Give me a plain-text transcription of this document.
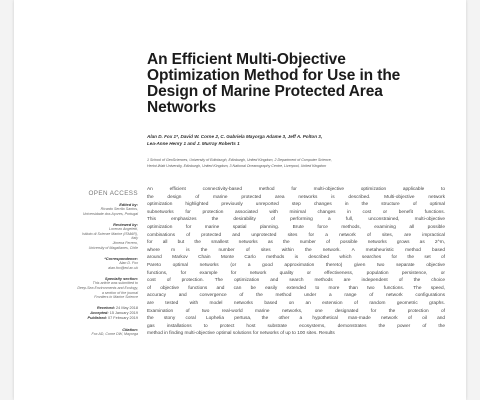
An Efficient Multi-Objective
Optimization Method for Use in the
Design of Marine Protected Area
Networks
Alan D. Fox 1*, David W. Corne 2, C. Gabriela Mayorga Adame 3, Jeff A. Polton 3,
Lea-Anne Henry 1 and J. Murray Roberts 1
1 School of GeoSciences, University of Edinburgh, Edinburgh, United Kingdom, 2 Department of Computer Science,
Heriot-Watt University, Edinburgh, United Kingdom, 3 National Oceanography Centre, Liverpool, United Kingdom
OPEN ACCESS
Edited by:
Ricardo Serrão Santos,
Universidade dos Açores, Portugal
Reviewed by:
Lorenzo Angeletti,
Istituto di Scienze Marine (ISMAR),
Italy
Jimena Ferrero,
University of Magallanes, Chile
*Correspondence:
Alan D. Fox
alan.fox@ed.ac.uk
Specialty section:
This article was submitted to
Deep-Sea Environments and Ecology,
a section of the journal
Frontiers in Marine Science
Received: 24 May 2018
Accepted: 15 January 2019
Published: 07 February 2019
Citation:
Fox AD, Corne DW, Mayorga
An efficient connectivity-based method for multi-objective optimization applicable to
the design of marine protected area networks is described. Multi-objective network
optimization highlighted previously unreported step changes in the structure of optimal
subnetworks for protection associated with minimal changes in cost or benefit functions.
This emphasizes the desirability of performing a full, unconstrained, multi-objective
optimization for marine spatial planning. Brute force methods, examining all possible
combinations of protected and unprotected sites for a network of sites, are impractical
for all but the smallest networks as the number of possible networks grows as 2^m,
where m is the number of sites within the network. A metaheuristic method based
around Markov Chain Monte Carlo methods is described which searches for the set of
Pareto optimal networks (or a good approximation thereto) given two separate objective
functions, for example for network quality or effectiveness, population persistence, or
cost of protection. The optimization and search methods are independent of the choice
of objective functions and can be easily extended to more than two functions. The speed,
accuracy and convergence of the method under a range of network configurations
are tested with model networks based on an extension of random geometric graphs.
Examination of two real-world marine networks, one designated for the protection of
the stony coral Lophelia pertusa, the other a hypothetical man-made network of oil and
gas installations to protect host substrate ecosystems, demonstrates the power of the
method in finding multi-objective optimal solutions for networks of up to 100 sites. Results
